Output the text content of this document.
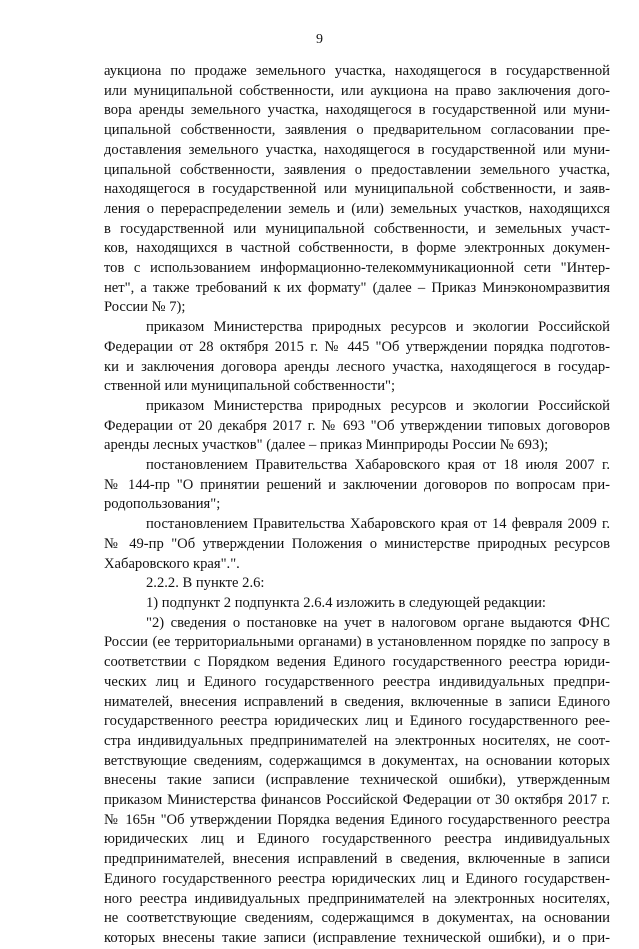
9
аукциона по продаже земельного участка, находящегося в государственной
или муниципальной собственности, или аукциона на право заключения дого-
вора аренды земельного участка, находящегося в государственной или муни-
ципальной собственности, заявления о предварительном согласовании пре-
доставления земельного участка, находящегося в государственной или муни-
ципальной собственности, заявления о предоставлении земельного участка,
находящегося в государственной или муниципальной собственности, и заяв-
ления о перераспределении земель и (или) земельных участков, находящихся
в государственной или муниципальной собственности, и земельных участ-
ков, находящихся в частной собственности, в форме электронных докумен-
тов с использованием информационно-телекоммуникационной сети "Интер-
нет", а также требований к их формату" (далее – Приказ Минэкономразвития
России № 7);
приказом Министерства природных ресурсов и экологии Российской
Федерации от 28 октября 2015 г. № 445 "Об утверждении порядка подготов-
ки и заключения договора аренды лесного участка, находящегося в государ-
ственной или муниципальной собственности";
приказом Министерства природных ресурсов и экологии Российской
Федерации от 20 декабря 2017 г. № 693 "Об утверждении типовых договоров
аренды лесных участков" (далее – приказ Минприроды России № 693);
постановлением Правительства Хабаровского края от 18 июля 2007 г.
№ 144-пр "О принятии решений и заключении договоров по вопросам при-
родопользования";
постановлением Правительства Хабаровского края от 14 февраля 2009 г.
№ 49-пр "Об утверждении Положения о министерстве природных ресурсов
Хабаровского края".".
2.2.2. В пункте 2.6:
1) подпункт 2 подпункта 2.6.4 изложить в следующей редакции:
"2) сведения о постановке на учет в налоговом органе выдаются ФНС
России (ее территориальными органами) в установленном порядке по запросу в
соответствии с Порядком ведения Единого государственного реестра юриди-
ческих лиц и Единого государственного реестра индивидуальных предпри-
нимателей, внесения исправлений в сведения, включенные в записи Единого
государственного реестра юридических лиц и Единого государственного рее-
стра индивидуальных предпринимателей на электронных носителях, не соот-
ветствующие сведениям, содержащимся в документах, на основании которых
внесены такие записи (исправление технической ошибки), утвержденным
приказом Министерства финансов Российской Федерации от 30 октября 2017 г.
№ 165н "Об утверждении Порядка ведения Единого государственного реестра
юридических лиц и Единого государственного реестра индивидуальных
предпринимателей, внесения исправлений в сведения, включенные в записи
Единого государственного реестра юридических лиц и Единого государствен-
ного реестра индивидуальных предпринимателей на электронных носителях,
не соответствующие сведениям, содержащимся в документах, на основании
которых внесены такие записи (исправление технической ошибки), и о при-
